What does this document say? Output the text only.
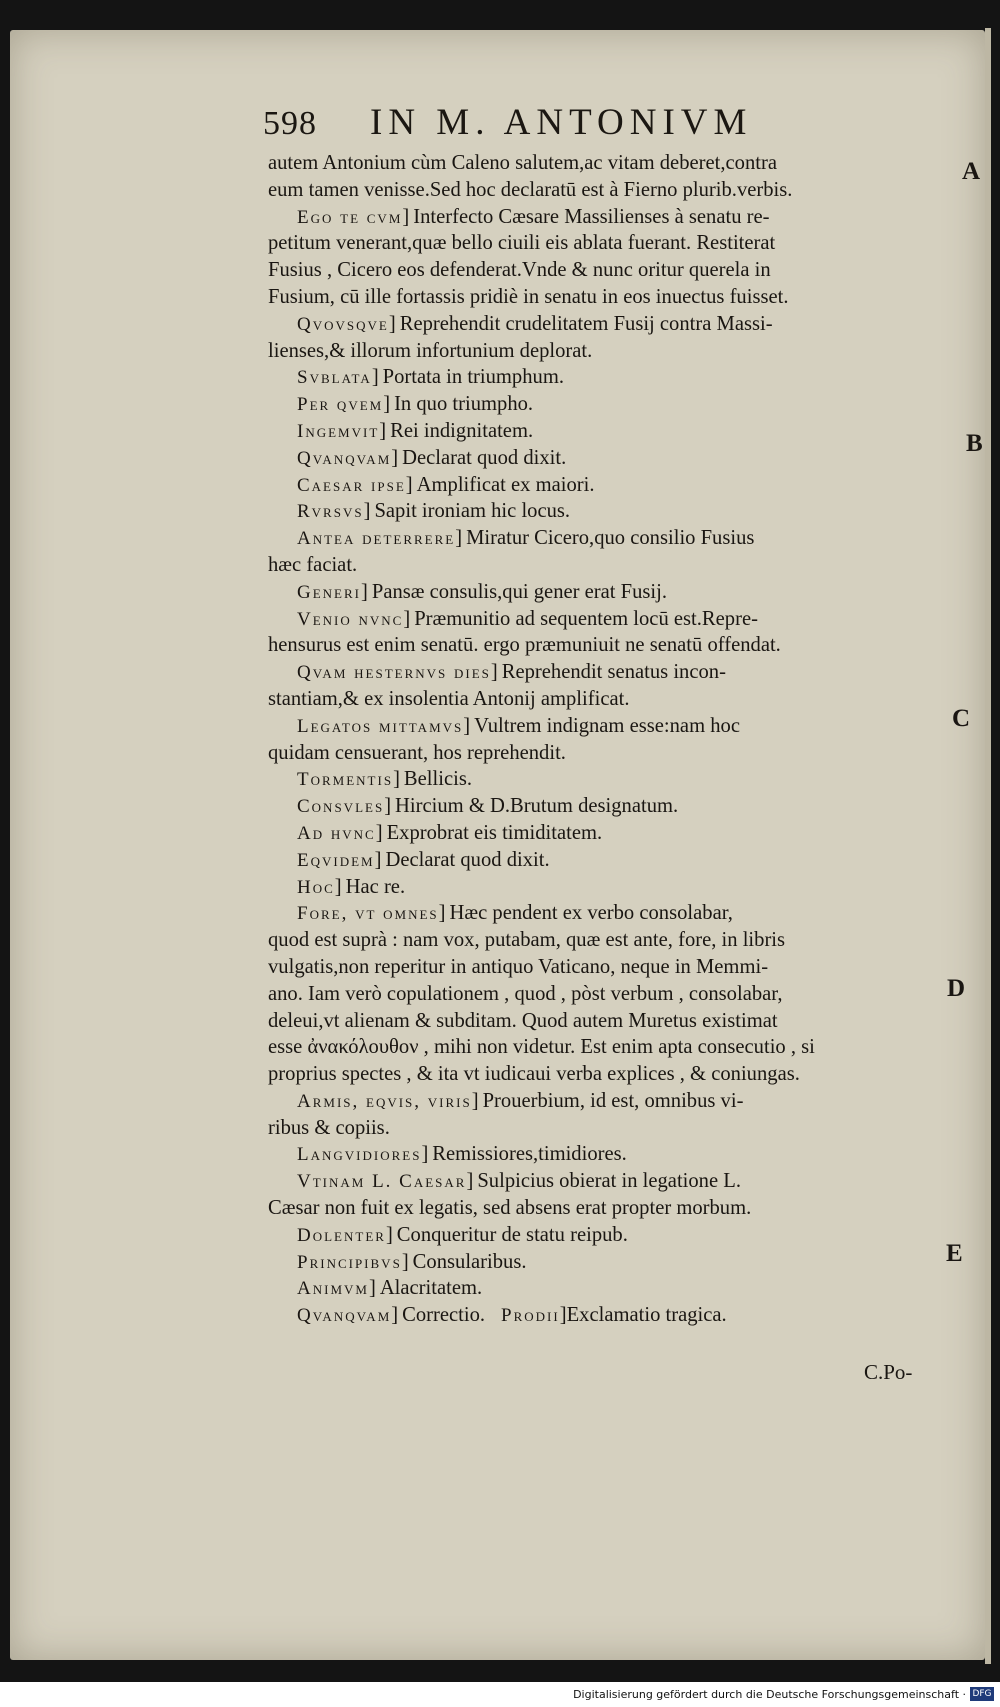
598	IN M. ANTONIVM
autem Antonium cùm Caleno salutem,ac vitam deberet,contra
eum tamen venisse.Sed hoc declaratū est à Fierno plurib.verbis.
Ego te cvm] Interfecto Cæsare Massilienses à senatu re-
petitum venerant,quæ bello ciuili eis ablata fuerant. Restiterat
Fusius , Cicero eos defenderat.Vnde & nunc oritur querela in
Fusium, cū ille fortassis pridiè in senatu in eos inuectus fuisset.
Qvovsqve] Reprehendit crudelitatem Fusij contra Massi-
lienses,& illorum infortunium deplorat.
Svblata] Portata in triumphum.
Per qvem] In quo triumpho.
Ingemvit] Rei indignitatem.
Qvanqvam] Declarat quod dixit.
Caesar ipse] Amplificat ex maiori.
Rvrsvs] Sapit ironiam hic locus.
Antea deterrere] Miratur Cicero,quo consilio Fusius
hæc faciat.
Generi] Pansæ consulis,qui gener erat Fusij.
Venio nvnc] Præmunitio ad sequentem locū est.Repre-
hensurus est enim senatū. ergo præmuniuit ne senatū offendat.
Qvam hesternvs dies] Reprehendit senatus incon-
stantiam,& ex insolentia Antonij amplificat.
Legatos mittamvs] Vultrem indignam esse:nam hoc
quidam censuerant, hos reprehendit.
Tormentis] Bellicis.
Consvles] Hircium & D.Brutum designatum.
Ad hvnc] Exprobrat eis timiditatem.
Eqvidem] Declarat quod dixit.
Hoc] Hac re.
Fore, vt omnes] Hæc pendent ex verbo consolabar,
quod est suprà : nam vox, putabam, quæ est ante, fore, in libris
vulgatis,non reperitur in antiquo Vaticano, neque in Memmi-
ano. Iam verò copulationem , quod , pòst verbum , consolabar,
deleui,vt alienam & subditam. Quod autem Muretus existimat
esse ἀνακόλουθον , mihi non videtur. Est enim apta consecutio , si
proprius spectes , & ita vt iudicaui verba explices , & coniungas.
Armis, eqvis, viris] Prouerbium, id est, omnibus vi-
ribus & copiis.
Langvidiores] Remissiores,timidiores.
Vtinam L. Caesar] Sulpicius obierat in legatione L.
Cæsar non fuit ex legatis, sed absens erat propter morbum.
Dolenter] Conqueritur de statu reipub.
Principibvs] Consularibus.
Animvm] Alacritatem.
Qvanqvam] Correctio. Prodii]Exclamatio tragica.
A
B
C
D
E
C.Po-
Digitalisierung gefördert durch die Deutsche Forschungsgemeinschaft · DFG
